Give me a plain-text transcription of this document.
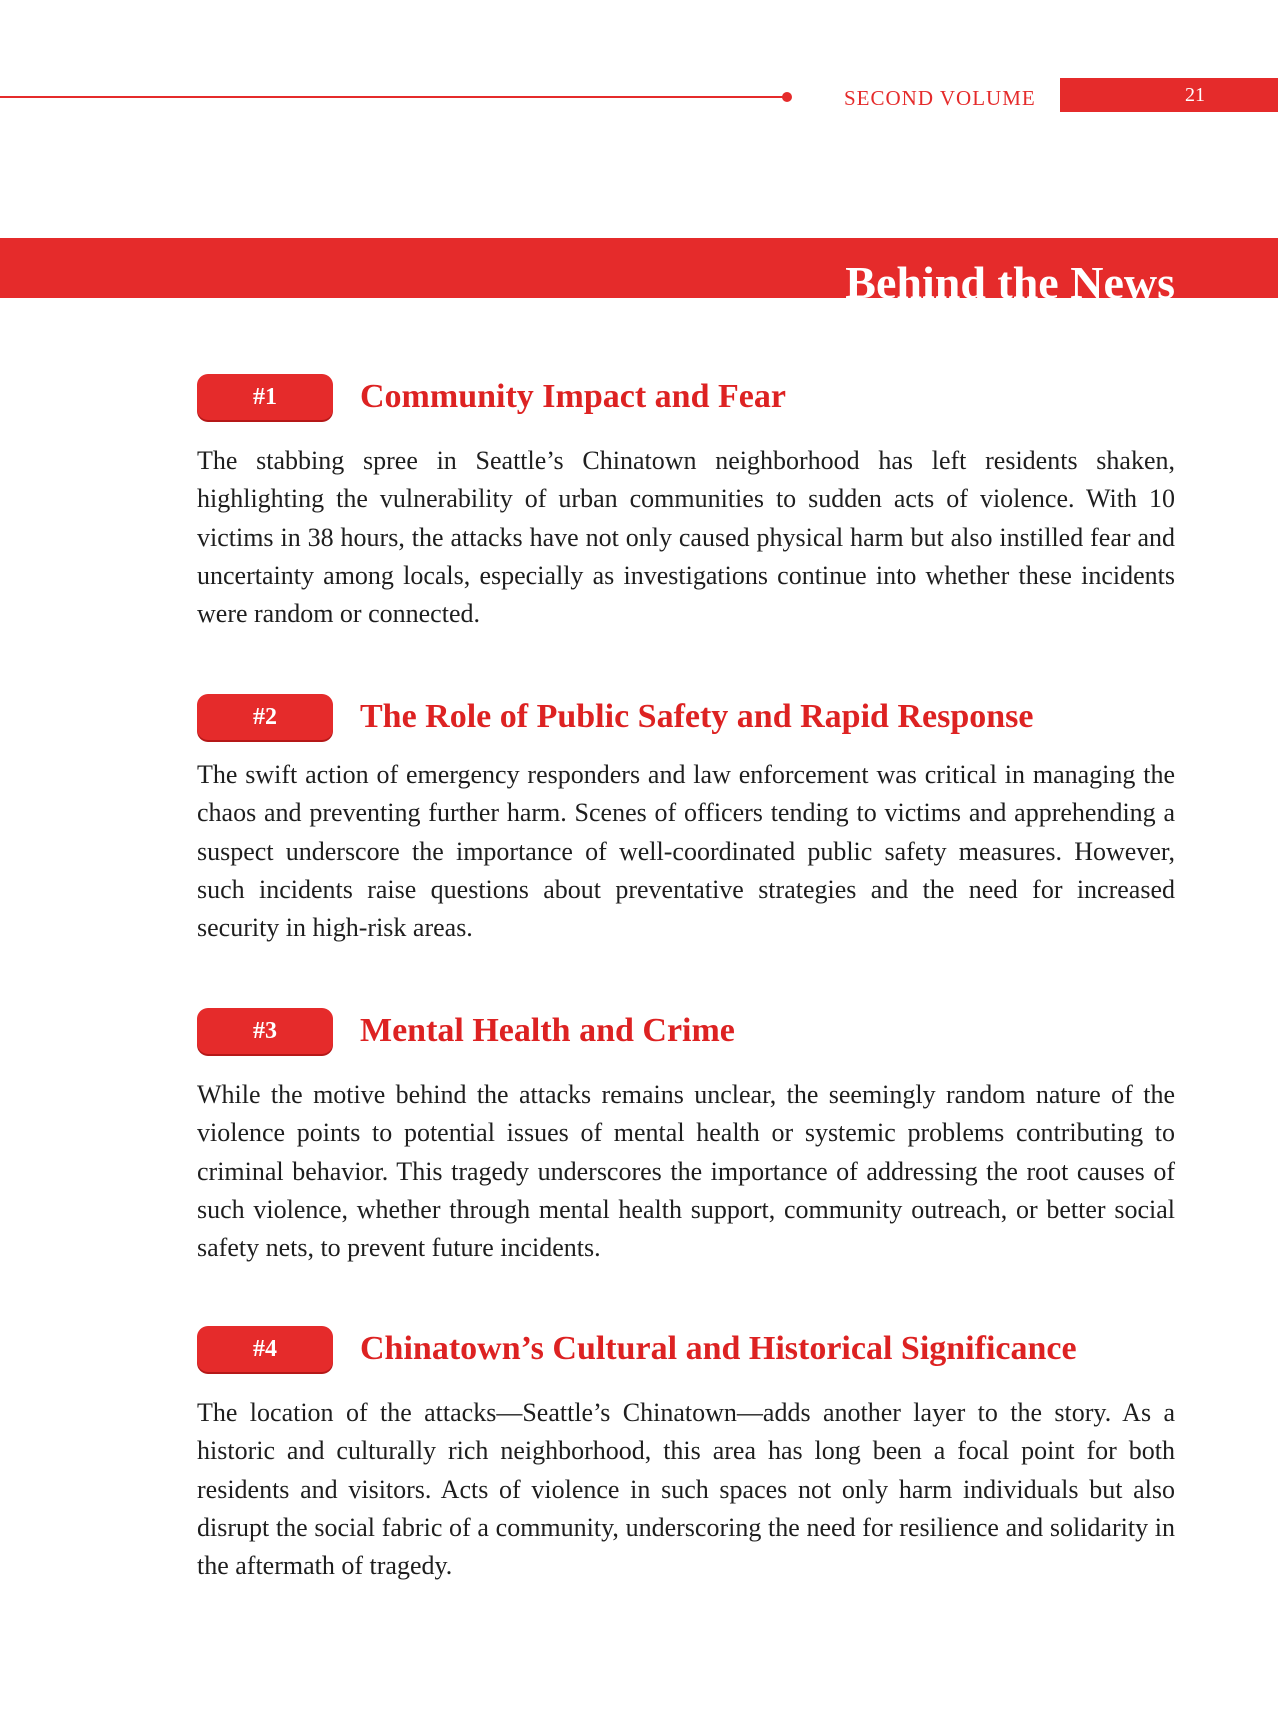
SECOND VOLUME	21
Behind the News
#1	Community Impact and Fear

The stabbing spree in Seattle’s Chinatown neighborhood has left residents shaken, highlighting the vulnerability of urban communities to sudden acts of violence. With 10 victims in 38 hours, the attacks have not only caused physical harm but also instilled fear and uncertainty among locals, especially as investigations continue into whether these incidents were random or connected.

#2	The Role of Public Safety and Rapid Response

The swift action of emergency responders and law enforcement was critical in managing the chaos and preventing further harm. Scenes of officers tending to victims and apprehending a suspect underscore the importance of well-coordinated public safety measures. However, such incidents raise questions about preventative strategies and the need for increased security in high-risk areas.

#3	Mental Health and Crime

While the motive behind the attacks remains unclear, the seemingly random nature of the violence points to potential issues of mental health or systemic problems contributing to criminal behavior. This tragedy underscores the importance of addressing the root causes of such violence, whether through mental health support, community outreach, or better social safety nets, to prevent future incidents.

#4	Chinatown’s Cultural and Historical Significance

The location of the attacks—Seattle’s Chinatown—adds another layer to the story. As a historic and culturally rich neighborhood, this area has long been a focal point for both residents and visitors. Acts of violence in such spaces not only harm individuals but also disrupt the social fabric of a community, underscoring the need for resilience and solidarity in the aftermath of tragedy.
